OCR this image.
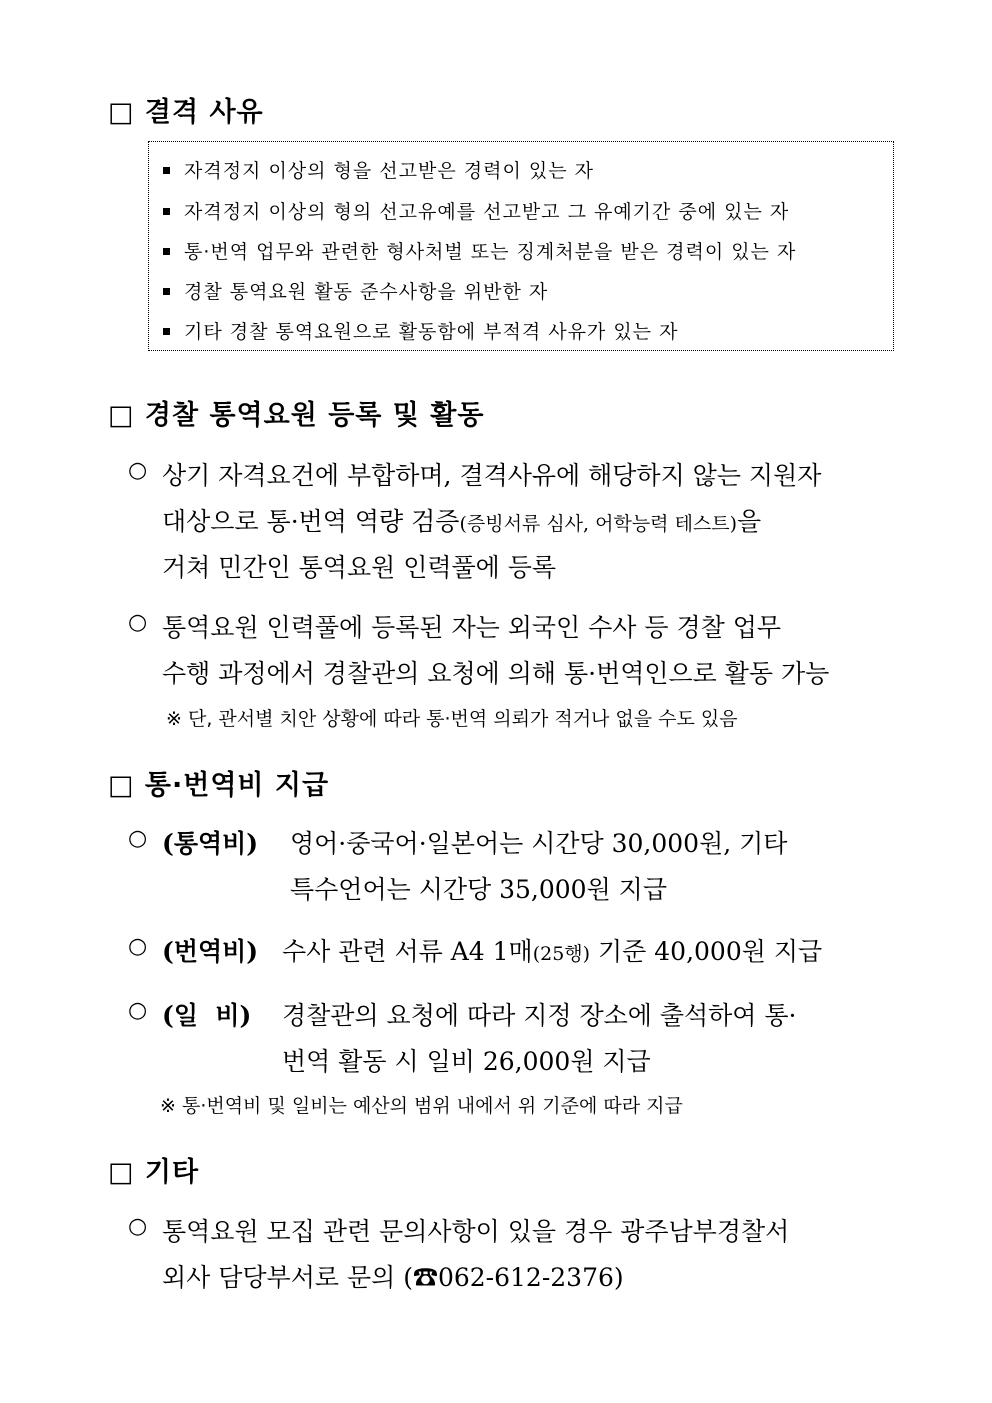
□ 결격 사유
자격정지 이상의 형을 선고받은 경력이 있는 자
자격정지 이상의 형의 선고유예를 선고받고 그 유예기간 중에 있는 자
통·번역 업무와 관련한 형사처벌 또는 징계처분을 받은 경력이 있는 자
경찰 통역요원 활동 준수사항을 위반한 자
기타 경찰 통역요원으로 활동함에 부적격 사유가 있는 자
□ 경찰 통역요원 등록 및 활동
○ 상기 자격요건에 부합하며, 결격사유에 해당하지 않는 지원자
대상으로 통·번역 역량 검증(증빙서류 심사, 어학능력 테스트)을
거쳐 민간인 통역요원 인력풀에 등록
○ 통역요원 인력풀에 등록된 자는 외국인 수사 등 경찰 업무
수행 과정에서 경찰관의 요청에 의해 통·번역인으로 활동 가능
※ 단, 관서별 치안 상황에 따라 통·번역 의뢰가 적거나 없을 수도 있음
□ 통·번역비 지급
○ (통역비) 영어·중국어·일본어는 시간당 30,000원, 기타
특수언어는 시간당 35,000원 지급
○ (번역비) 수사 관련 서류 A4 1매(25행) 기준 40,000원 지급
○ (일  비) 경찰관의 요청에 따라 지정 장소에 출석하여 통·
번역 활동 시 일비 26,000원 지급
※ 통·번역비 및 일비는 예산의 범위 내에서 위 기준에 따라 지급
□ 기타
○ 통역요원 모집 관련 문의사항이 있을 경우 광주남부경찰서
외사 담당부서로 문의 (☎062-612-2376)
